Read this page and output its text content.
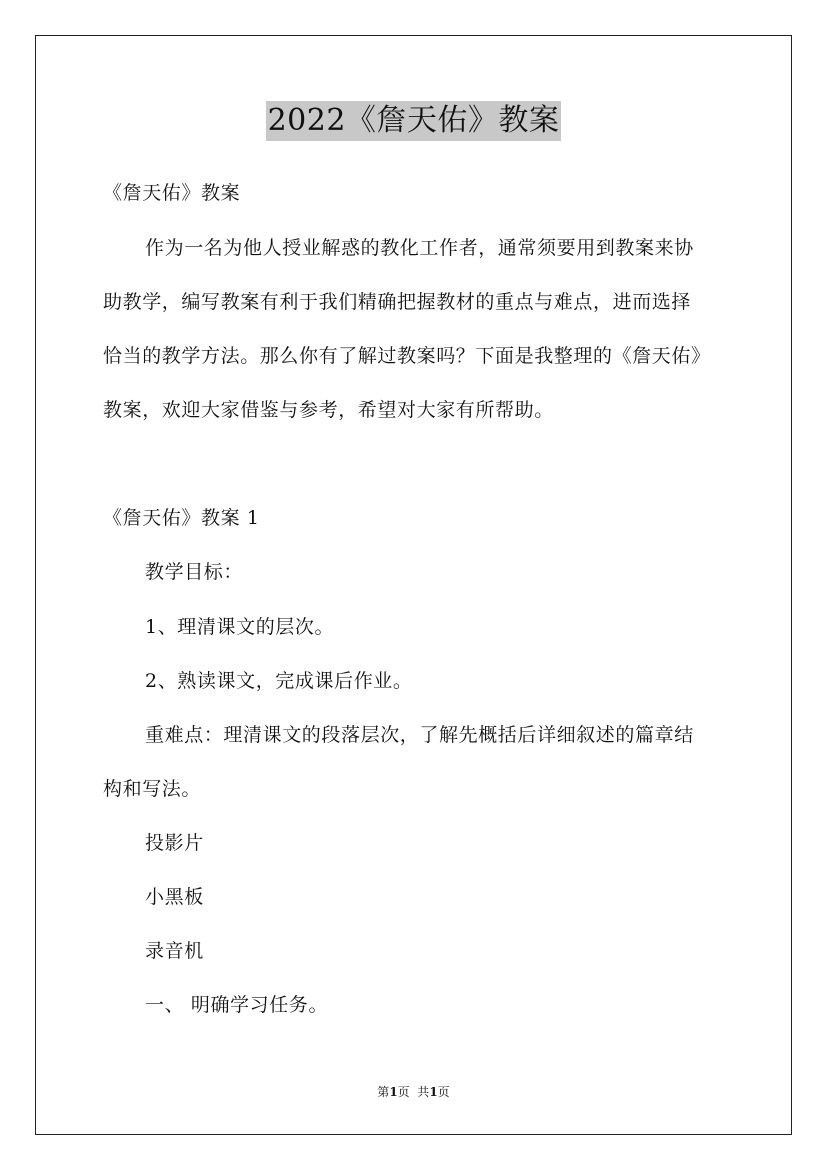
2022《詹天佑》教案
《詹天佑》教案
作为一名为他人授业解惑的教化工作者，通常须要用到教案来协
助教学，编写教案有利于我们精确把握教材的重点与难点，进而选择
恰当的教学方法。那么你有了解过教案吗？下面是我整理的《詹天佑》
教案，欢迎大家借鉴与参考，希望对大家有所帮助。
《詹天佑》教案 1
教学目标：
1、理清课文的层次。
2、熟读课文，完成课后作业。
重难点：理清课文的段落层次，了解先概括后详细叙述的篇章结
构和写法。
投影片
小黑板
录音机
一、 明确学习任务。
第1页  共1页
